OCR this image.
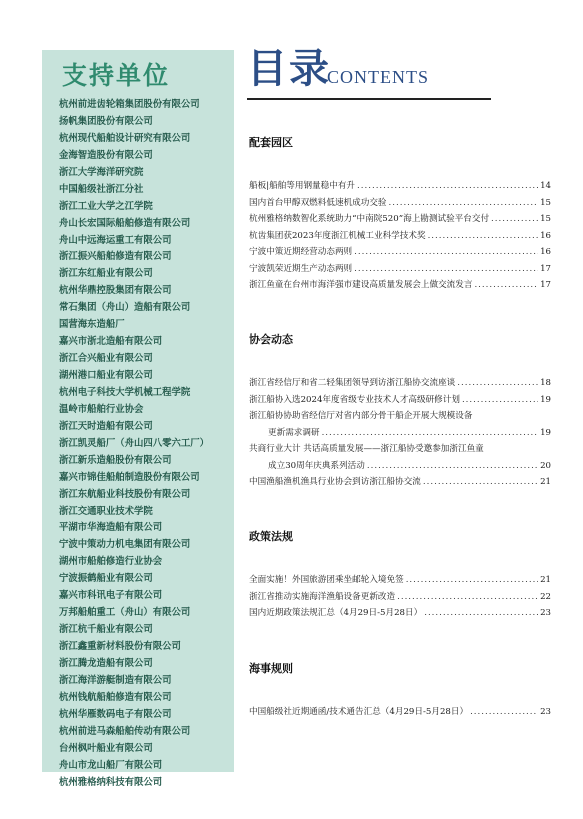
支持单位
杭州前进齿轮箱集团股份有限公司
扬帆集团股份有限公司
杭州现代船舶设计研究有限公司
金海智造股份有限公司
浙江大学海洋研究院
中国船级社浙江分社
浙江工业大学之江学院
舟山长宏国际船舶修造有限公司
舟山中远海运重工有限公司
浙江振兴船舶修造有限公司
浙江东红船业有限公司
杭州华鼎控股集团有限公司
常石集团（舟山）造船有限公司
国营海东造船厂
嘉兴市浙北造船有限公司
浙江合兴船业有限公司
湖州港口船业有限公司
杭州电子科技大学机械工程学院
温岭市船舶行业协会
浙江天时造船有限公司
浙江凯灵船厂（舟山四八零六工厂）
浙江新乐造船股份有限公司
嘉兴市锦佳船舶制造股份有限公司
浙江东航船业科技股份有限公司
浙江交通职业技术学院
平湖市华海造船有限公司
宁波中策动力机电集团有限公司
湖州市船舶修造行业协会
宁波振鹤船业有限公司
嘉兴市科讯电子有限公司
万邦船舶重工（舟山）有限公司
浙江杭千船业有限公司
浙江鑫重新材料股份有限公司
浙江腾龙造船有限公司
浙江海洋游艇制造有限公司
杭州钱航船舶修造有限公司
杭州华雁数码电子有限公司
杭州前进马森船舶传动有限公司
台州枫叶船业有限公司
舟山市龙山船厂有限公司
杭州雅格纳科技有限公司
目录
CONTENTS
配套园区
船板|船舶等用钢量稳中有升 .....	14
国内首台甲醇双燃料低速机成功交验 .....	15
杭州雅格纳数智化系统助力“中南院520”海上勘测试验平台交付 .....	15
杭齿集团获2023年度浙江机械工业科学技术奖 .....	16
宁波中策近期经营动态两则 .....	16
宁波凯荣近期生产动态两则 .....	17
浙江鱼童在台州市海洋强市建设高质量发展会上做交流发言 .....	17
协会动态
浙江省经信厅和省二轻集团领导到访浙江船协交流座谈 .....	18
浙江船协入选2024年度省级专业技术人才高级研修计划 .....	19
浙江船协协助省经信厅对省内部分骨干船企开展大规模设备
更新需求调研 .....	19
共商行业大计 共话高质量发展——浙江船协受邀参加浙江鱼童
成立30周年庆典系列活动 .....	20
中国渔船渔机渔具行业协会到访浙江船协交流 .....	21
政策法规
全面实施！外国旅游团乘坐邮轮入境免签 .....	21
浙江省推动实施海洋渔船设备更新改造 .....	22
国内近期政策法规汇总（4月29日-5月28日） .....	23
海事规则
中国船级社近期通函/技术通告汇总（4月29日-5月28日） .....	23
